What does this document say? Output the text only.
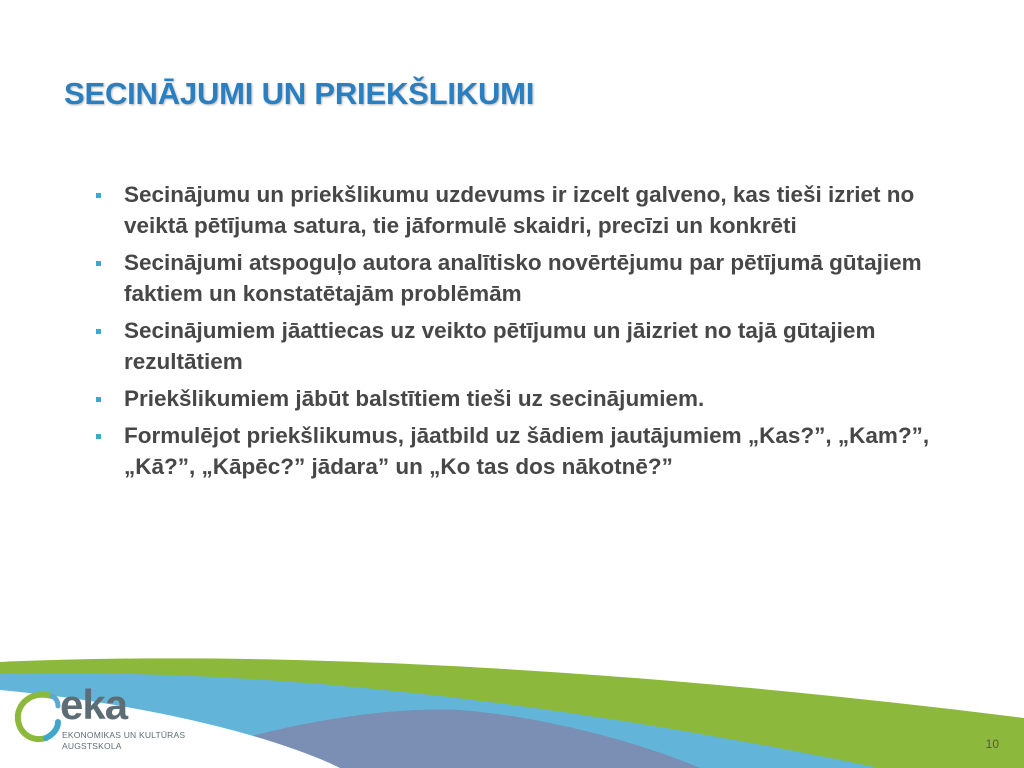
SECINĀJUMI UN PRIEKŠLIKUMI
Secinājumu un priekšlikumu uzdevums ir izcelt galveno, kas tieši izriet no veiktā pētījuma satura, tie jāformulē skaidri, precīzi un konkrēti
Secinājumi atspoguļo autora analītisko novērtējumu par pētījumā gūtajiem faktiem un konstatētajām problēmām
Secinājumiem jāattiecas uz veikto pētījumu un jāizriet no tajā gūtajiem rezultātiem
Priekšlikumiem jābūt balstītiem tieši uz secinājumiem.
Formulējot priekšlikumus, jāatbild uz šādiem jautājumiem „Kas?”, „Kam?”, „Kā?”, „Kāpēc?” jādara” un „Ko tas dos nākotnē?”
eka
EKONOMIKAS UN KULTŪRAS
AUGSTSKOLA	10
